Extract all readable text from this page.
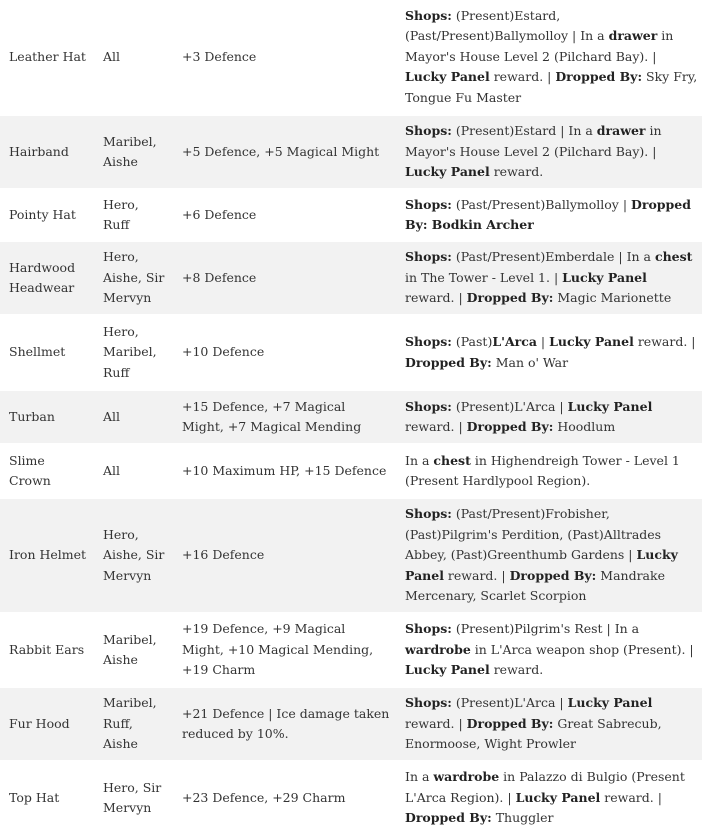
Leather Hat	All	+3 Defence	Shops: (Present)Estard, (Past/Present)Ballymolloy | In a drawer in Mayor's House Level 2 (Pilchard Bay). | Lucky Panel reward. | Dropped By: Sky Fry, Tongue Fu Master
Hairband	Maribel, Aishe	+5 Defence, +5 Magical Might	Shops: (Present)Estard | In a drawer in Mayor's House Level 2 (Pilchard Bay). | Lucky Panel reward.
Pointy Hat	Hero, Ruff	+6 Defence	Shops: (Past/Present)Ballymolloy | Dropped By: Bodkin Archer
Hardwood Headwear	Hero, Aishe, Sir Mervyn	+8 Defence	Shops: (Past/Present)Emberdale | In a chest in The Tower - Level 1. | Lucky Panel reward. | Dropped By: Magic Marionette
Shellmet	Hero, Maribel, Ruff	+10 Defence	Shops: (Past)L'Arca | Lucky Panel reward. | Dropped By: Man o' War
Turban	All	+15 Defence, +7 Magical Might, +7 Magical Mending	Shops: (Present)L'Arca | Lucky Panel reward. | Dropped By: Hoodlum
Slime Crown	All	+10 Maximum HP, +15 Defence	In a chest in Highendreigh Tower - Level 1 (Present Hardlypool Region).
Iron Helmet	Hero, Aishe, Sir Mervyn	+16 Defence	Shops: (Past/Present)Frobisher, (Past)Pilgrim's Perdition, (Past)Alltrades Abbey, (Past)Greenthumb Gardens | Lucky Panel reward. | Dropped By: Mandrake Mercenary, Scarlet Scorpion
Rabbit Ears	Maribel, Aishe	+19 Defence, +9 Magical Might, +10 Magical Mending, +19 Charm	Shops: (Present)Pilgrim's Rest | In a wardrobe in L'Arca weapon shop (Present). | Lucky Panel reward.
Fur Hood	Maribel, Ruff, Aishe	+21 Defence | Ice damage taken reduced by 10%.	Shops: (Present)L'Arca | Lucky Panel reward. | Dropped By: Great Sabrecub, Enormoose, Wight Prowler
Top Hat	Hero, Sir Mervyn	+23 Defence, +29 Charm	In a wardrobe in Palazzo di Bulgio (Present L'Arca Region). | Lucky Panel reward. | Dropped By: Thuggler
